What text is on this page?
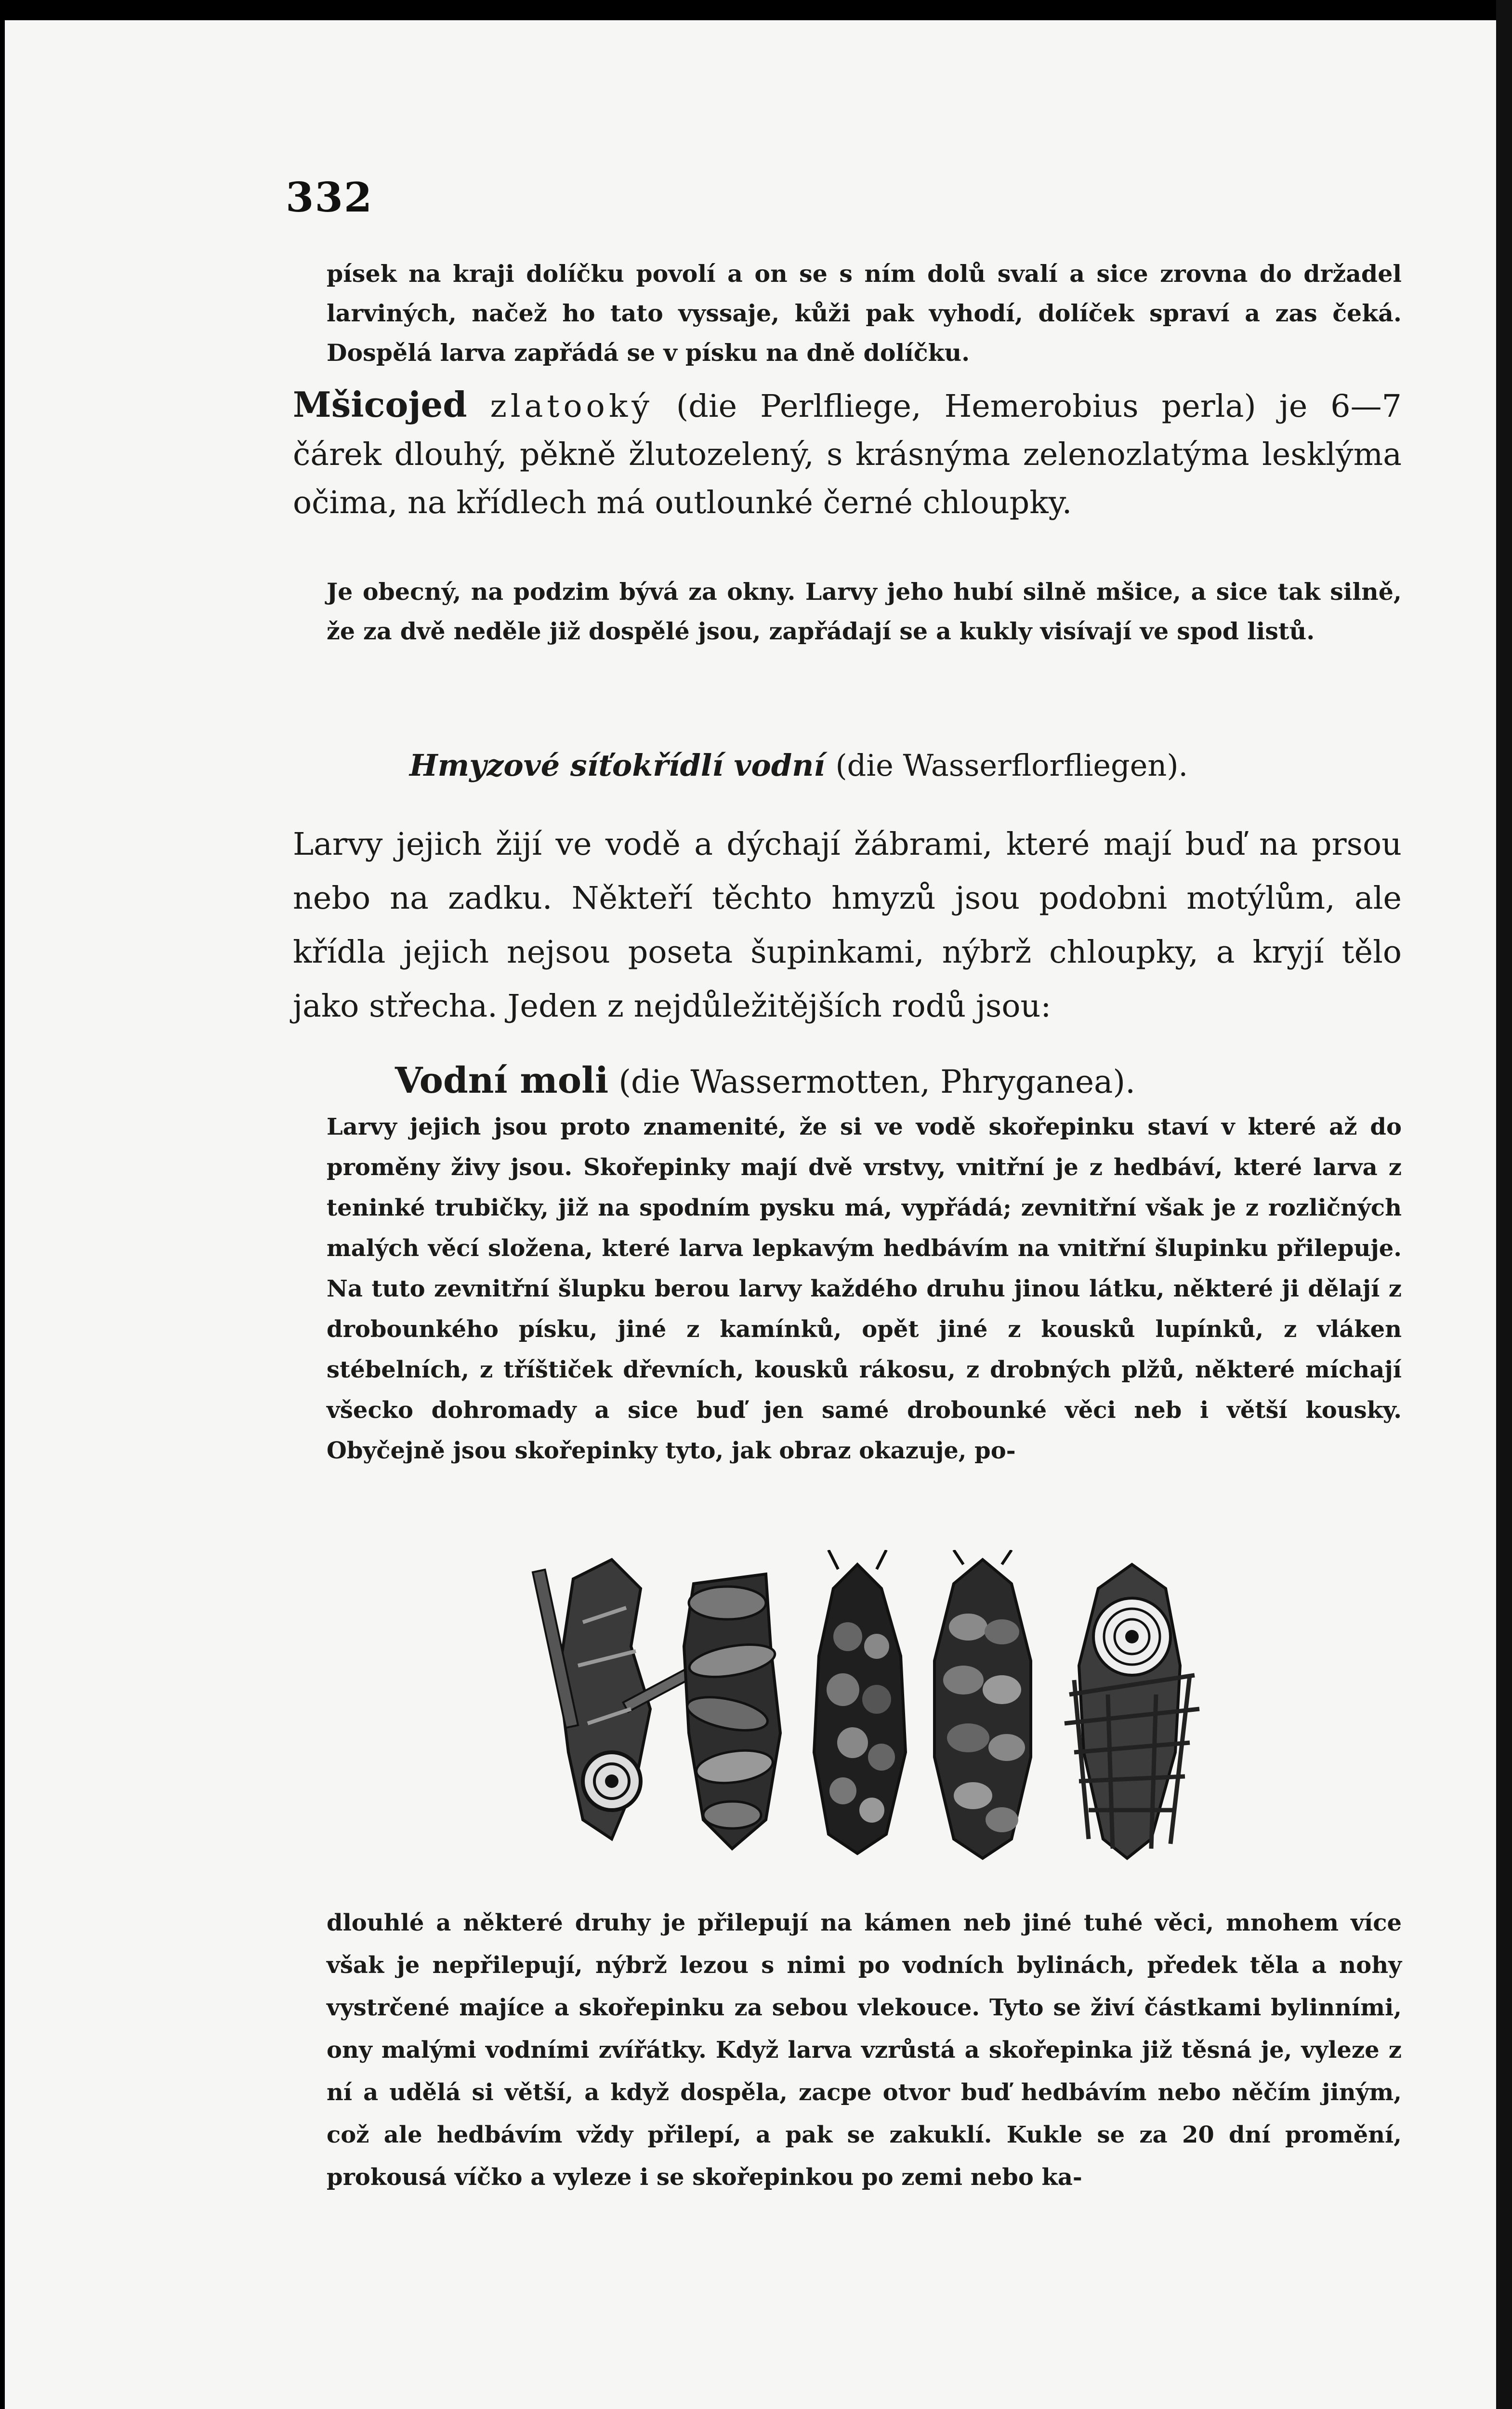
332

písek na kraji dolíčku povolí a on se s ním dolů svalí a sice zrovna do držadel larviných, načež ho tato vyssaje, kůži pak vyhodí, dolíček spraví a zas čeká. Dospělá larva zapřádá se v písku na dně dolíčku.

Mšicojed zlatooký (die Perlfliege, Hemerobius perla) je 6—7 čárek dlouhý, pěkně žlutozelený, s krásnýma zelenozlatýma lesklýma očima, na křídlech má outlounké černé chloupky.

Je obecný, na podzim bývá za okny. Larvy jeho hubí silně mšice, a sice tak silně, že za dvě neděle již dospělé jsou, zapřádají se a kukly visívají ve spod listů.

Hmyzové síťokřídlí vodní (die Wasserflorfliegen).

Larvy jejich žijí ve vodě a dýchají žábrami, které mají buď na prsou nebo na zadku. Někteří těchto hmyzů jsou podobni motýlům, ale křídla jejich nejsou poseta šupinkami, nýbrž chloupky, a kryjí tělo jako střecha. Jeden z nejdůležitějších rodů jsou:

Vodní moli (die Wassermotten, Phryganea).

Larvy jejich jsou proto znamenité, že si ve vodě skořepinku staví v které až do proměny živy jsou. Skořepinky mají dvě vrstvy, vnitřní je z hedbáví, které larva z teninké trubičky, již na spodním pysku má, vypřádá; zevnitřní však je z rozličných malých věcí složena, které larva lepkavým hedbávím na vnitřní šlupinku přilepuje. Na tuto zevnitřní šlupku berou larvy každého druhu jinou látku, některé ji dělají z drobounkého písku, jiné z kamínků, opět jiné z kousků lupínků, z vláken stébelních, z tříštiček dřevních, kousků rákosu, z drobných plžů, některé míchají všecko dohromady a sice buď jen samé drobounké věci neb i větší kousky. Obyčejně jsou skořepinky tyto, jak obraz okazuje, po-

dlouhlé a některé druhy je přilepují na kámen neb jiné tuhé věci, mnohem více však je nepřilepují, nýbrž lezou s nimi po vodních bylinách, předek těla a nohy vystrčené majíce a skořepinku za sebou vlekouce. Tyto se živí částkami bylinními, ony malými vodními zvířátky. Když larva vzrůstá a skořepinka již těsná je, vyleze z ní a udělá si větší, a když dospěla, zacpe otvor buď hedbávím nebo něčím jiným, což ale hedbávím vždy přilepí, a pak se zakuklí. Kukle se za 20 dní promění, prokousá víčko a vyleze i se skořepinkou po zemi nebo ka-
